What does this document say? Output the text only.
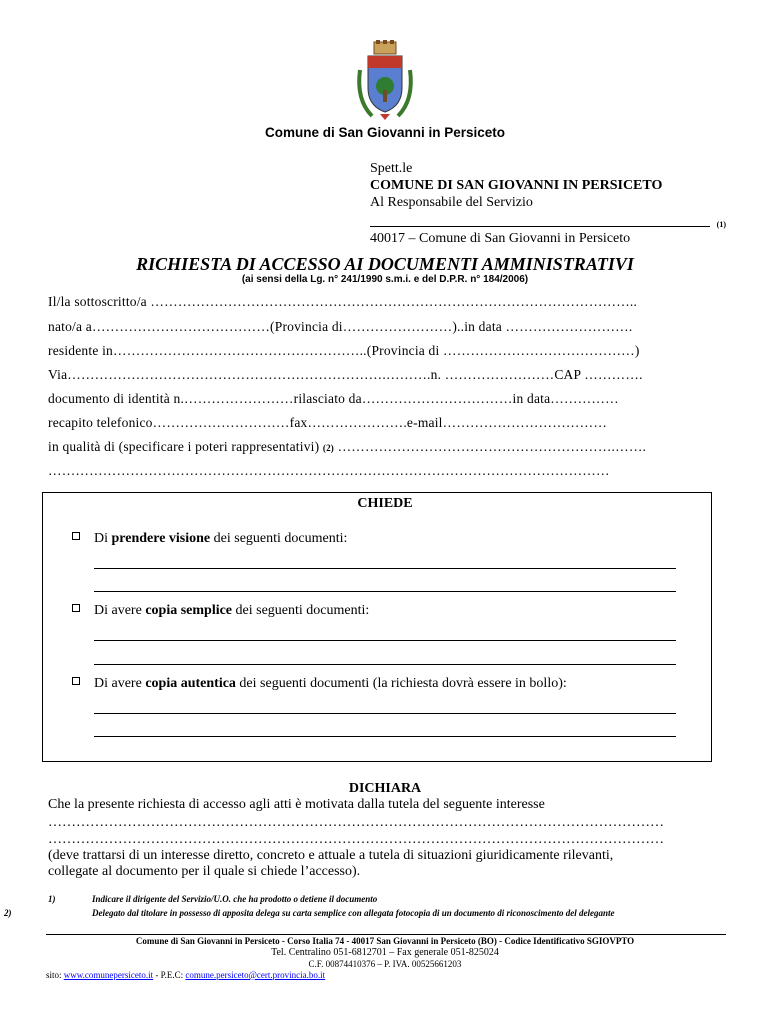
Comune di San Giovanni in Persiceto
Spett.le
COMUNE DI SAN GIOVANNI IN PERSICETO
Al Responsabile del Servizio
(1)
40017 – Comune di San Giovanni in Persiceto
RICHIESTA DI ACCESSO AI DOCUMENTI AMMINISTRATIVI
(ai sensi della Lg. n° 241/1990 s.m.i. e del D.P.R. n° 184/2006)
Il/la sottoscritto/a ……………………………………………………………………………………………..
nato/a a…………………………………(Provincia di……………………)..in data ……………………….
residente in………………………………………………..(Provincia di ……………………………………)
Via…………………………………………………………….……….n. ……………………CAP ………….
documento di identità n.……………………rilasciato da……………………………in data……………
recapito telefonico…………………………fax………………….e-mail………………………………
in qualità di (specificare i poteri rappresentativi) (2) …………………………………………………….…….
……………………………………………………………………………………………………………
CHIEDE
Di prendere visione dei seguenti documenti:
Di avere copia semplice dei seguenti documenti:
Di avere copia autentica dei seguenti documenti (la richiesta dovrà essere in bollo):
DICHIARA
Che la presente richiesta di accesso agli atti è motivata dalla tutela del seguente interesse
……………………………………………………………………………………………………………………
……………………………………………………………………………………………………………………
(deve trattarsi di un interesse diretto, concreto e attuale a tutela di situazioni giuridicamente rilevanti,
collegate al documento per il quale si chiede l’accesso).
1)	Indicare il dirigente del Servizio/U.O. che ha prodotto o detiene il documento
2)	Delegato dal titolare in possesso di apposita delega su carta semplice con allegata fotocopia di un documento di riconoscimento del delegante
Comune di San Giovanni in Persiceto - Corso Italia 74 - 40017 San Giovanni in Persiceto (BO) - Codice Identificativo SGIOVPTO
Tel. Centralino 051-6812701 – Fax generale 051-825024
C.F. 00874410376 – P. IVA. 00525661203
sito: www.comunepersiceto.it - P.E.C: comune.persiceto@cert.provincia.bo.it
